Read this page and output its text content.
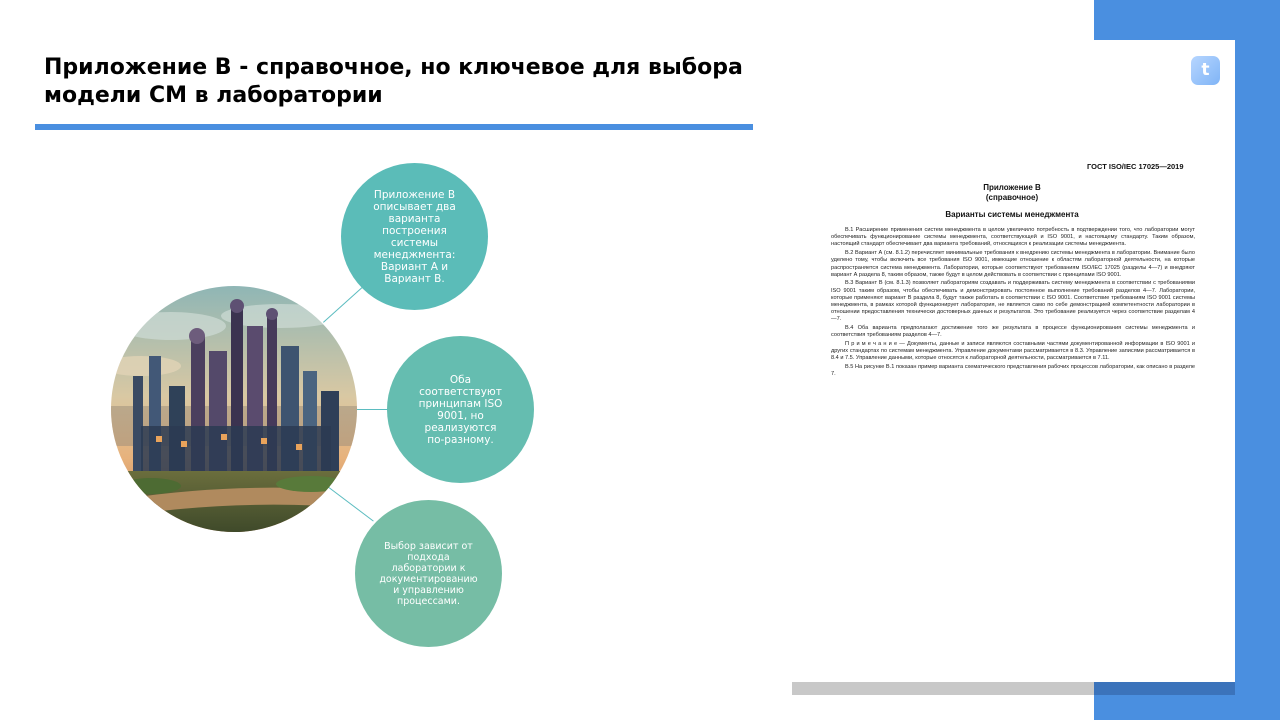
Приложение В - справочное, но ключевое для выбора модели СМ в лаборатории
Приложение В описывает два варианта построения системы менеджмента: Вариант А и Вариант В.
Оба соответствуют принципам ISO 9001, но реализуются по-разному.
Выбор зависит от подхода лаборатории к документированию и управлению процессами.
t
ГОСТ ISO/IEC 17025—2019
Приложение В
(справочное)
Варианты системы менеджмента

В.1 Расширение применения систем менеджмента в целом увеличило потребность в подтверждении того, что лаборатории могут обеспечивать функционирование системы менеджмента, соответствующей и ISO 9001, и настоящему стандарту. Таким образом, настоящий стандарт обеспечивает два варианта требований, относящихся к реализации системы менеджмента.

В.2 Вариант А (см. 8.1.2) перечисляет минимальные требования к внедрению системы менеджмента в лаборатории. Внимание было уделено тому, чтобы включить все требования ISO 9001, имеющие отношение к областям лабораторной деятельности, на которые распространяется система менеджмента. Лаборатории, которые соответствуют требованиям ISO/IEC 17025 (разделы 4—7) и внедряют вариант А раздела 8, таким образом, также будут в целом действовать в соответствии с принципами ISO 9001.

В.3 Вариант В (см. 8.1.3) позволяет лабораториям создавать и поддерживать систему менеджмента в соответствии с требованиями ISO 9001 таким образом, чтобы обеспечивать и демонстрировать постоянное выполнение требований разделов 4—7. Лаборатории, которые применяют вариант В раздела 8, будут также работать в соответствии с ISO 9001. Соответствие требованиям ISO 9001 системы менеджмента, в рамках которой функционирует лаборатория, не является само по себе демонстрацией компетентности лаборатории в отношении предоставления технически достоверных данных и результатов. Это требование реализуется через соответствие разделам 4—7.

В.4 Оба варианта предполагают достижение того же результата в процессе функционирования системы менеджмента и соответствия требованиям разделов 4—7.

П р и м е ч а н и е — Документы, данные и записи являются составными частями документированной информации в ISO 9001 и других стандартах по системам менеджмента. Управление документами рассматривается в 8.3. Управление записями рассматривается в 8.4 и 7.5. Управление данными, которые относятся к лабораторной деятельности, рассматривается в 7.11.

В.5 На рисунке В.1 показан пример варианта схематического представления рабочих процессов лаборатории, как описано в разделе 7.
